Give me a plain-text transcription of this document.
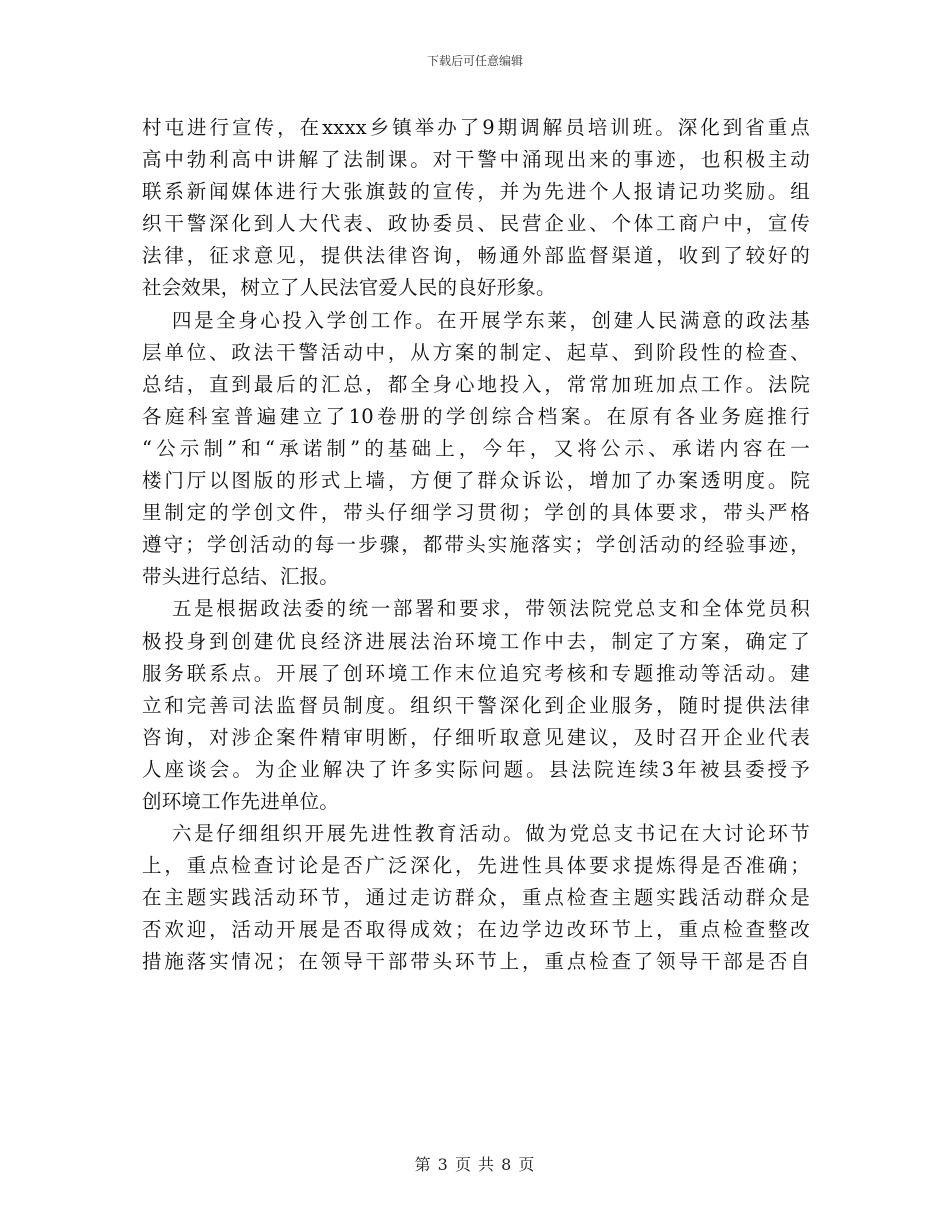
下载后可任意编辑
村屯进行宣传，在xxxx乡镇举办了9期调解员培训班。深化到省重点
高中勃利高中讲解了法制课。对干警中涌现出来的事迹，也积极主动
联系新闻媒体进行大张旗鼓的宣传，并为先进个人报请记功奖励。组
织干警深化到人大代表、政协委员、民营企业、个体工商户中，宣传
法律，征求意见，提供法律咨询，畅通外部监督渠道，收到了较好的
社会效果，树立了人民法官爱人民的良好形象。
四是全身心投入学创工作。在开展学东莱，创建人民满意的政法基
层单位、政法干警活动中，从方案的制定、起草、到阶段性的检查、
总结，直到最后的汇总，都全身心地投入，常常加班加点工作。法院
各庭科室普遍建立了10卷册的学创综合档案。在原有各业务庭推行
“公示制”和“承诺制”的基础上，今年，又将公示、承诺内容在一
楼门厅以图版的形式上墙，方便了群众诉讼，增加了办案透明度。院
里制定的学创文件，带头仔细学习贯彻；学创的具体要求，带头严格
遵守；学创活动的每一步骤，都带头实施落实；学创活动的经验事迹，
带头进行总结、汇报。
五是根据政法委的统一部署和要求，带领法院党总支和全体党员积
极投身到创建优良经济进展法治环境工作中去，制定了方案，确定了
服务联系点。开展了创环境工作末位追究考核和专题推动等活动。建
立和完善司法监督员制度。组织干警深化到企业服务，随时提供法律
咨询，对涉企案件精审明断，仔细听取意见建议，及时召开企业代表
人座谈会。为企业解决了许多实际问题。县法院连续3年被县委授予
创环境工作先进单位。
六是仔细组织开展先进性教育活动。做为党总支书记在大讨论环节
上，重点检查讨论是否广泛深化，先进性具体要求提炼得是否准确；
在主题实践活动环节，通过走访群众，重点检查主题实践活动群众是
否欢迎，活动开展是否取得成效；在边学边改环节上，重点检查整改
措施落实情况；在领导干部带头环节上，重点检查了领导干部是否自
第 3 页 共 8 页
